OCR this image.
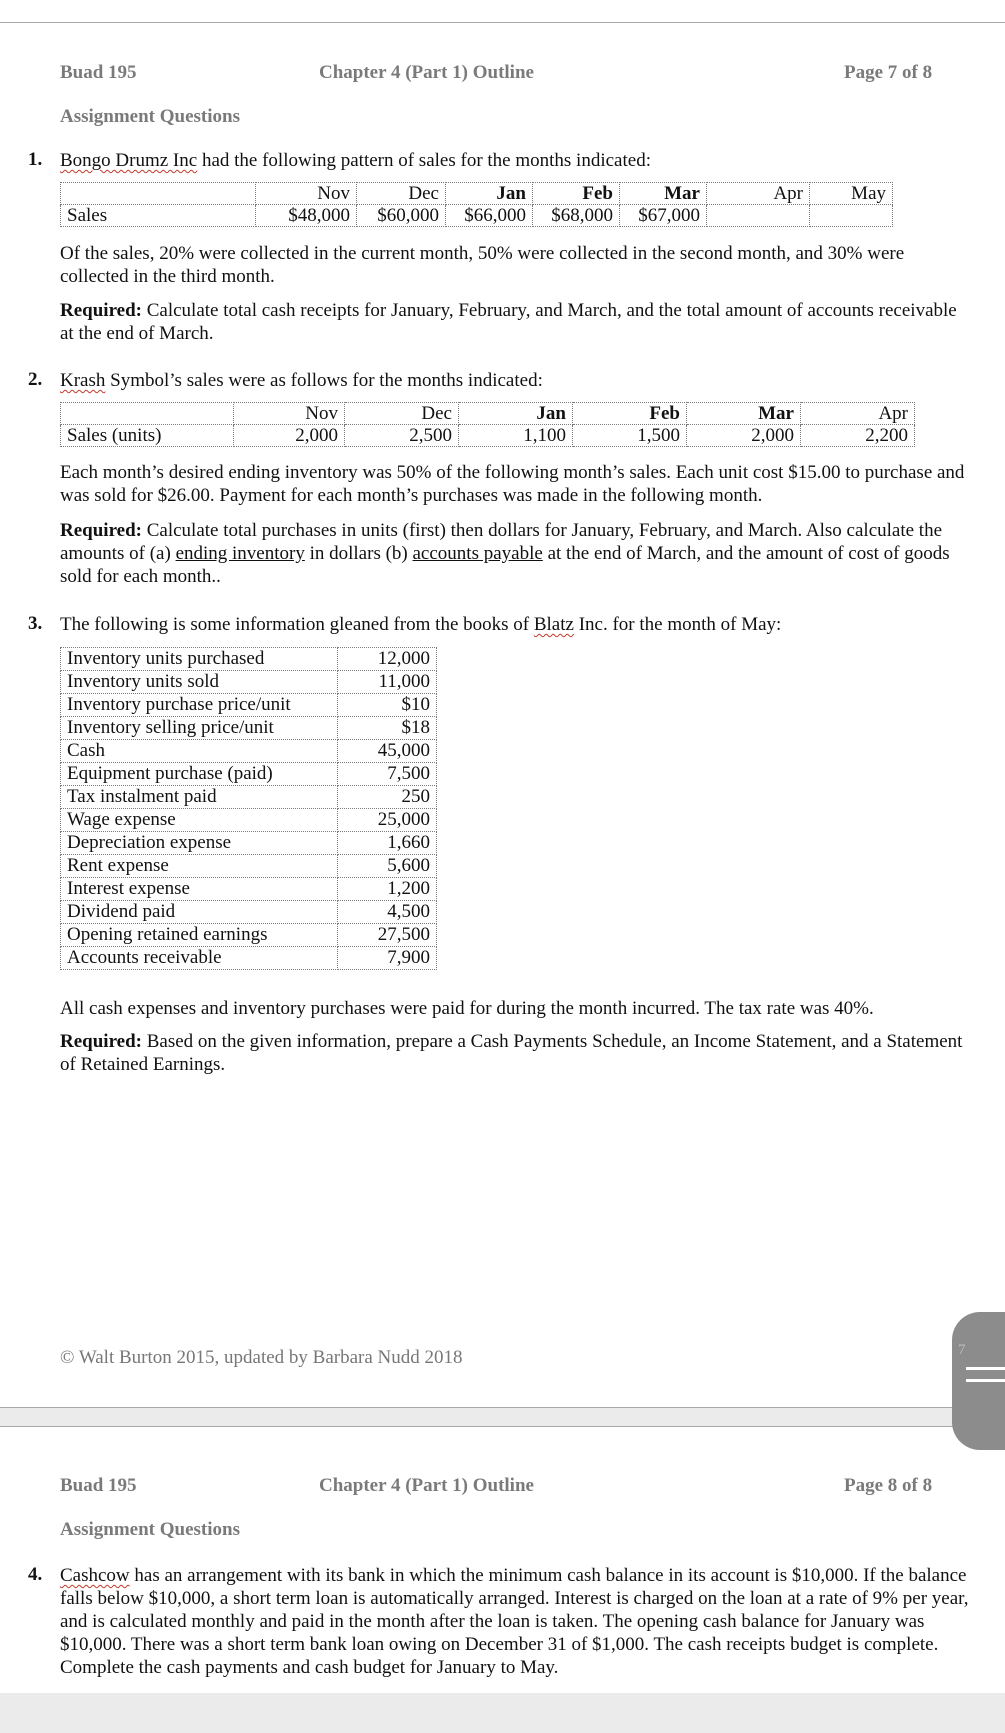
Buad 195	Chapter 4 (Part 1) Outline	Page 7 of 8
Assignment Questions
1. Bongo Drumz Inc had the following pattern of sales for the months indicated:
	Nov	Dec	Jan	Feb	Mar	Apr	May
Sales	$48,000	$60,000	$66,000	$68,000	$67,000		
Of the sales, 20% were collected in the current month, 50% were collected in the second month, and 30% were collected in the third month.
Required: Calculate total cash receipts for January, February, and March, and the total amount of accounts receivable at the end of March.
2. Krash Symbol’s sales were as follows for the months indicated:
	Nov	Dec	Jan	Feb	Mar	Apr
Sales (units)	2,000	2,500	1,100	1,500	2,000	2,200
Each month’s desired ending inventory was 50% of the following month’s sales. Each unit cost $15.00 to purchase and was sold for $26.00. Payment for each month’s purchases was made in the following month.
Required: Calculate total purchases in units (first) then dollars for January, February, and March. Also calculate the amounts of (a) ending inventory in dollars (b) accounts payable at the end of March, and the amount of cost of goods sold for each month..
3. The following is some information gleaned from the books of Blatz Inc. for the month of May:
Inventory units purchased	12,000
Inventory units sold	11,000
Inventory purchase price/unit	$10
Inventory selling price/unit	$18
Cash	45,000
Equipment purchase (paid)	7,500
Tax instalment paid	250
Wage expense	25,000
Depreciation expense	1,660
Rent expense	5,600
Interest expense	1,200
Dividend paid	4,500
Opening retained earnings	27,500
Accounts receivable	7,900
All cash expenses and inventory purchases were paid for during the month incurred. The tax rate was 40%.
Required: Based on the given information, prepare a Cash Payments Schedule, an Income Statement, and a Statement of Retained Earnings.
© Walt Burton 2015, updated by Barbara Nudd 2018
Buad 195	Chapter 4 (Part 1) Outline	Page 8 of 8
Assignment Questions
4. Cashcow has an arrangement with its bank in which the minimum cash balance in its account is $10,000. If the balance falls below $10,000, a short term loan is automatically arranged. Interest is charged on the loan at a rate of 9% per year, and is calculated monthly and paid in the month after the loan is taken. The opening cash balance for January was $10,000. There was a short term bank loan owing on December 31 of $1,000. The cash receipts budget is complete. Complete the cash payments and cash budget for January to May.
7
